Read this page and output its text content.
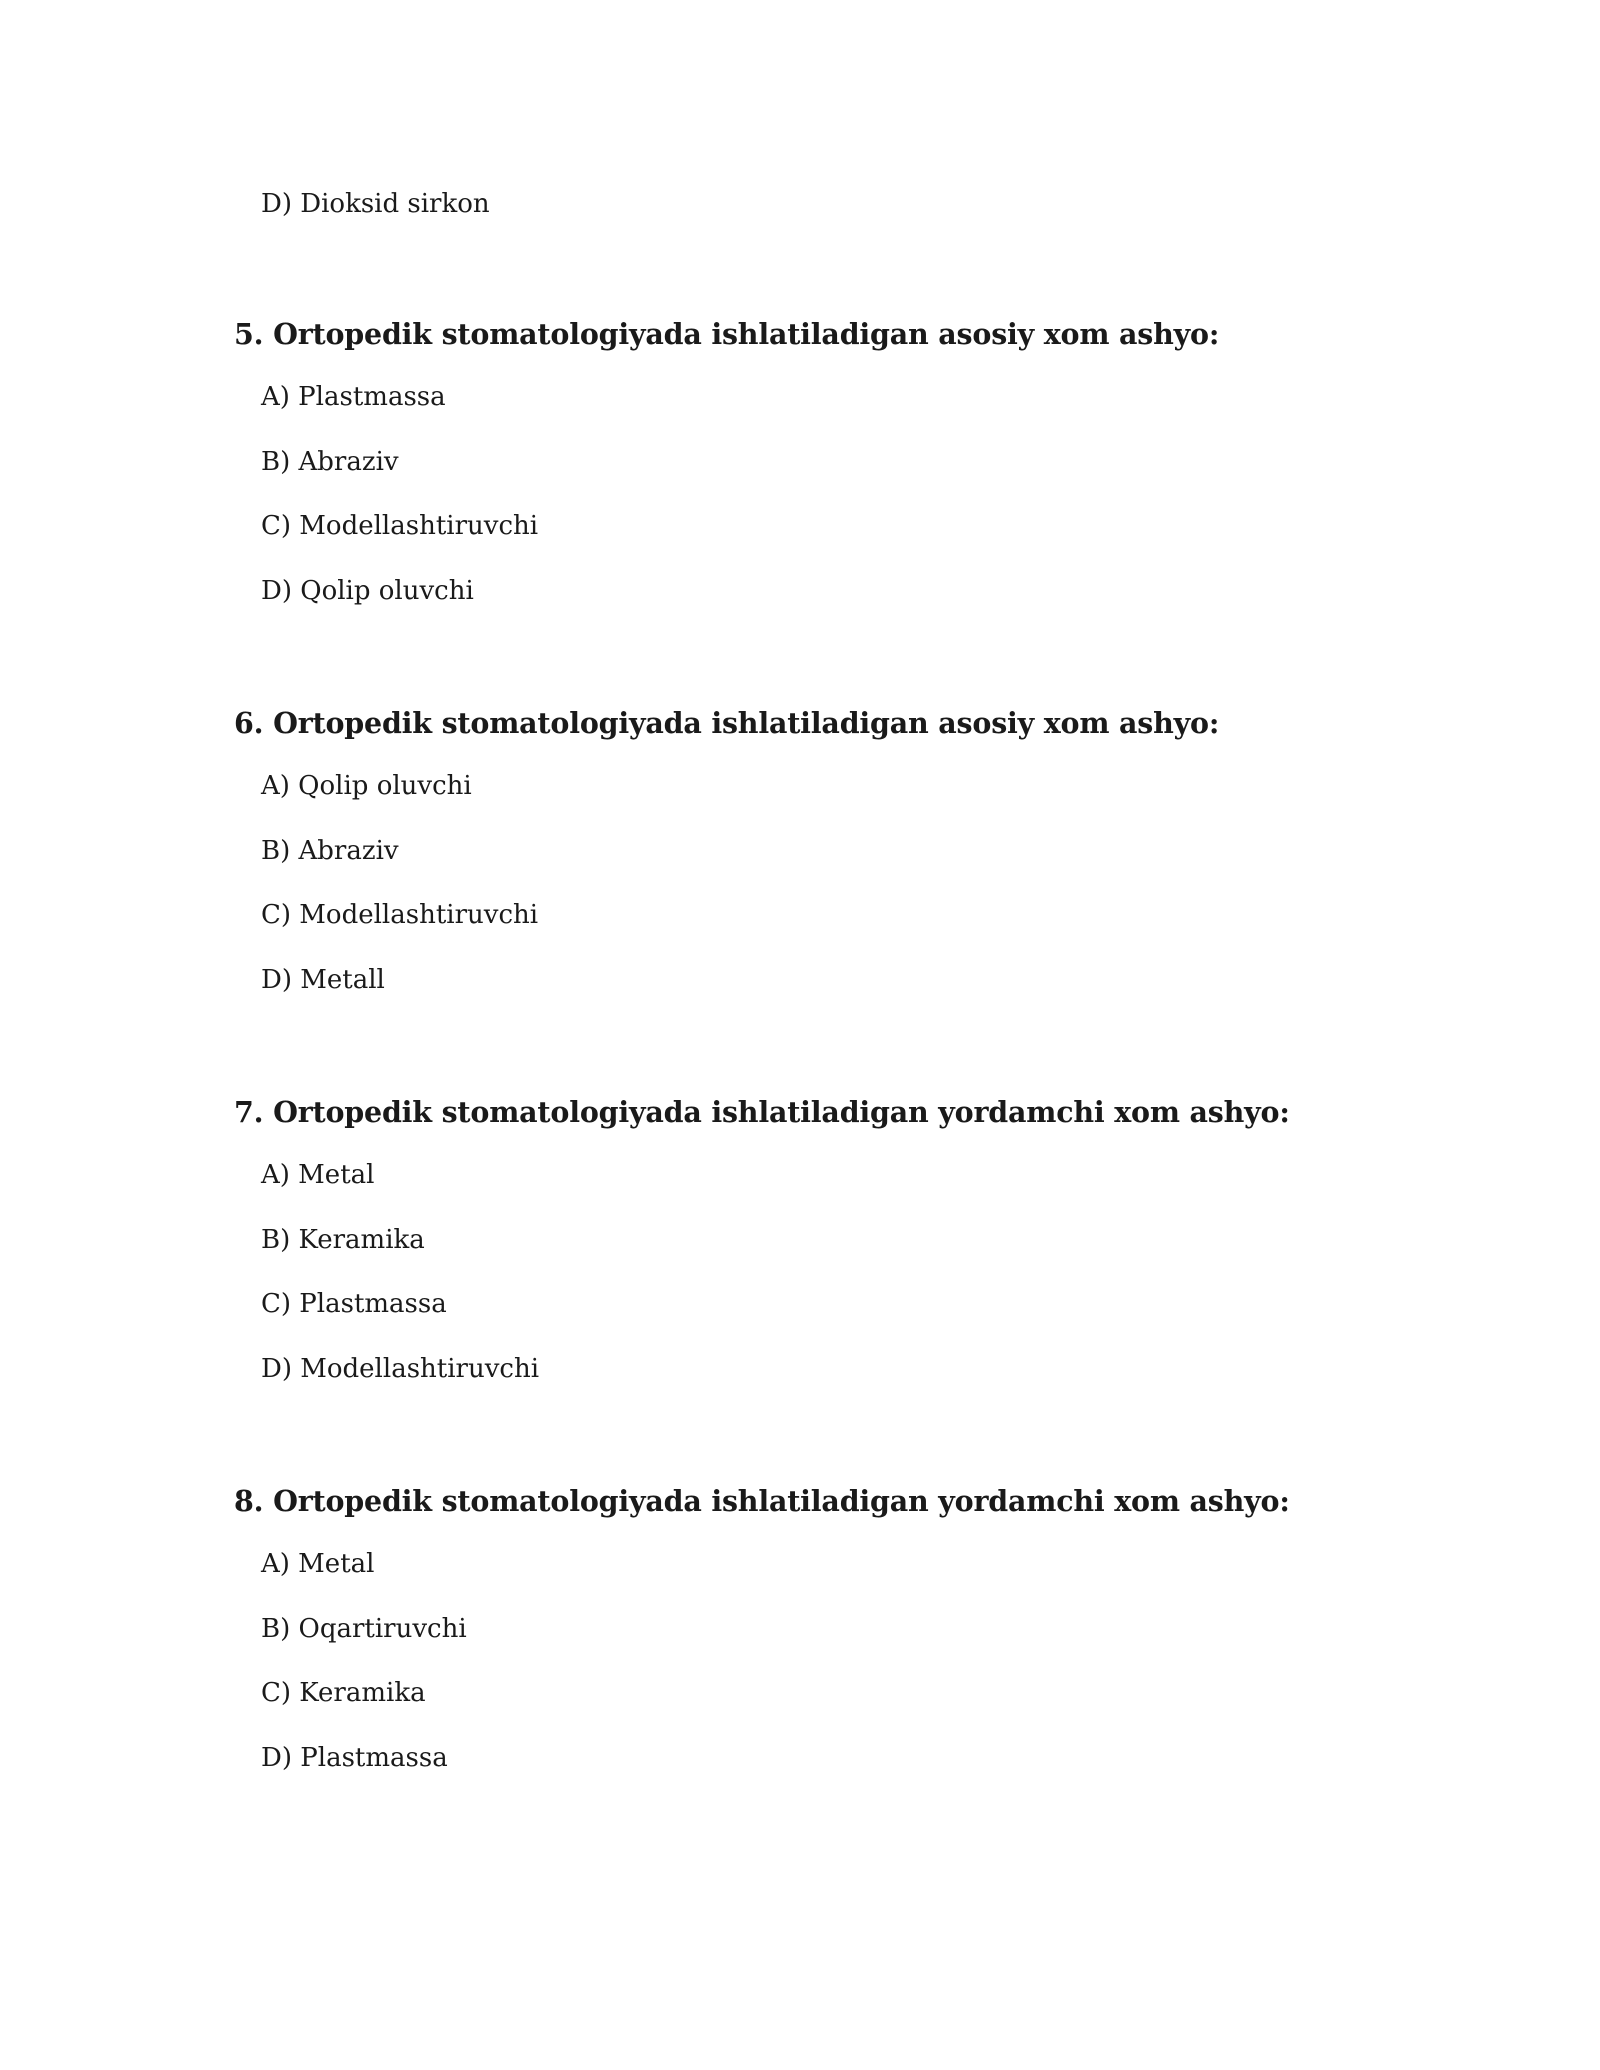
D) Dioksid sirkon
5. Ortopedik stomatologiyada ishlatiladigan asosiy xom ashyo:
A) Plastmassa
B) Abraziv
C) Modellashtiruvchi
D) Qolip oluvchi
6. Ortopedik stomatologiyada ishlatiladigan asosiy xom ashyo:
A) Qolip oluvchi
B) Abraziv
C) Modellashtiruvchi
D) Metall
7. Ortopedik stomatologiyada ishlatiladigan yordamchi xom ashyo:
A) Metal
B) Keramika
C) Plastmassa
D) Modellashtiruvchi
8. Ortopedik stomatologiyada ishlatiladigan yordamchi xom ashyo:
A) Metal
B) Oqartiruvchi
C) Keramika
D) Plastmassa
